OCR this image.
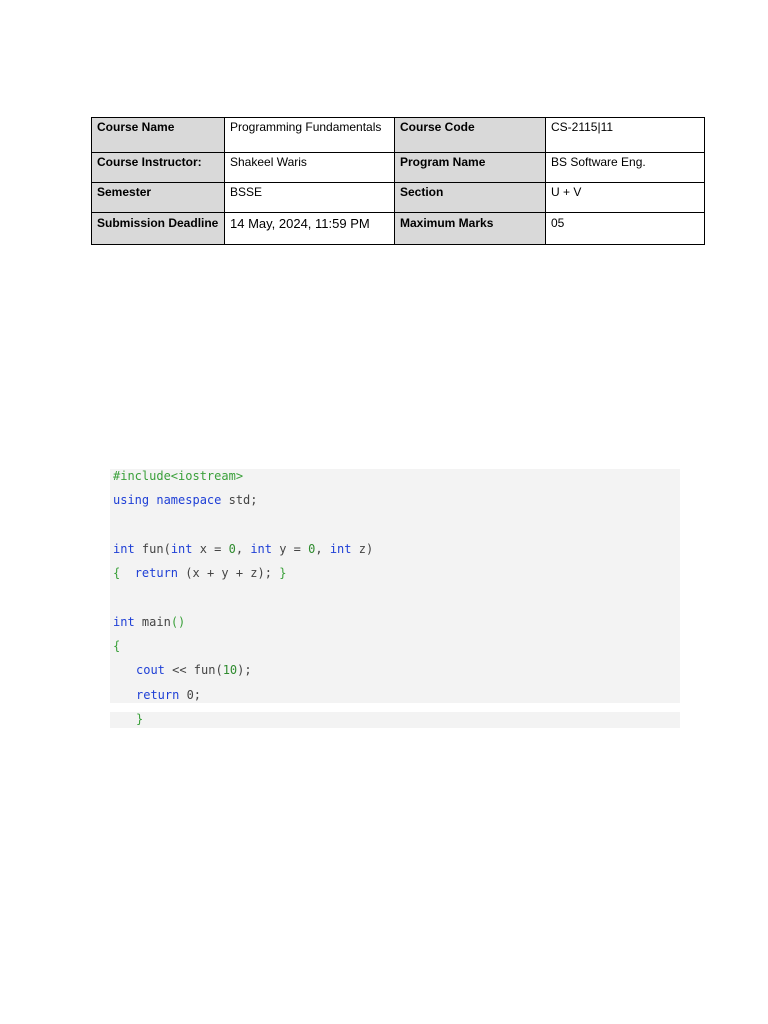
Course Name	Programming Fundamentals	Course Code	CS-2115|11
Course Instructor:	Shakeel Waris	Program Name	BS Software Eng.
Semester	BSSE	Section	U + V
Submission Deadline	14 May, 2024, 11:59 PM	Maximum Marks	05
#include<iostream>
using namespace std;
int fun(int x = 0, int y = 0, int z)
{  return (x + y + z); }
int main()
{
cout << fun(10);
return 0;
}
